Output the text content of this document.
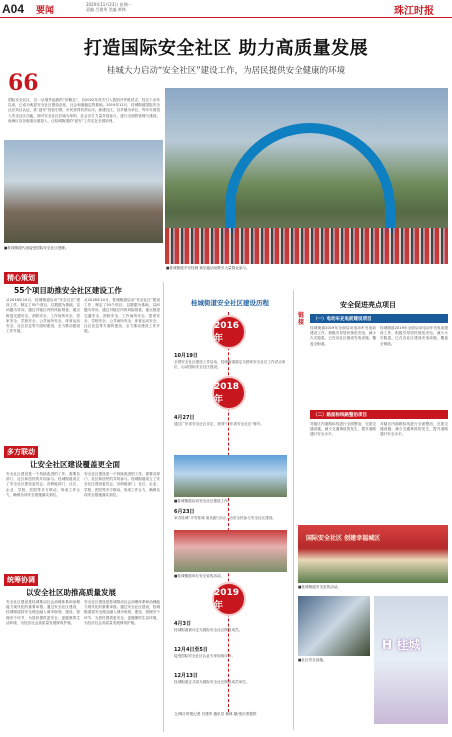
A04 要闻
2020年11月23日 星期一
责编 吕建华 美编 黄林	珠江时报
打造国际安全社区 助力高质量发展
桂城大力启动“安全社区”建设工作，为居民提供安全健康的环境
66
国际安全社区，这一从境外起源的“洋概念”，自2002年首次引入我国开并推试点，经过十余年以来，已成为明显安全社区建设杂化，社会和谐稳定的基础。2019年12月，桂城街道国际安全社区项目认证，其“创安”经验引领，市民获得有效认可。新建社区，以乡镇为单位，每年年度投入安全社区功能，面对安全社区区域为单的，社会各方力量共同参与，进行全面的管理与建设。南海区各各街道全面投入，让桂城街道的“创安”工作走在全国前列。
■桂城街道平安桂城 欢乐跑活动吸引大量群众参与。
■桂城街道代表接受国际安全社区授牌。
精心策划
55个项目助推安全社区建设工作
从2018年10月，桂城街道启动“安全社区”建设工作，制定了55个项目，以数据为基础，以问题为导向，通过对辖区内的风险排查，重点推进交通安全、消防安全、工作场所安全、居家安全、学校安全、公共场所安全、体育运动安全、社区应急等方面的建设，全力推动建设工作开展。
从2018年10月，桂城街道启动“安全社区”建设工作，制定了55个项目，以数据为基础，以问题为导向，通过对辖区内的风险排查，重点推进交通安全、消防安全、工作场所安全、居家安全、学校安全、公共场所安全、体育运动安全、社区应急等方面的建设，全力推动建设工作开展。
多方联动
让安全社区建设覆盖更全面
安全社区建设是一个持续改进的工作，需要各部门、社区和居民的共同参与。桂城街道成立了安全社区建设委员会，各职能部门、社区、企业、学校、医院等多方联动，形成工作合力，确保各项安全措施落实到位。
安全社区建设是一个持续改进的工作，需要各部门、社区和居民的共同参与。桂城街道成立了安全社区建设委员会，各职能部门、社区、企业、学校、医院等多方联动，形成工作合力，确保各项安全措施落实到位。
统筹协调
以安全社区助推高质量发展
安全社区建设是桂城推动社会治理体系和治理能力现代化的重要举措。通过安全社区建设，桂城街道将安全理念融入城市规划、建设、管理各个环节，为居民提供更安全、更健康的生活环境，为经济社会高质量发展保驾护航。
安全社区建设是桂城推动社会治理体系和治理能力现代化的重要举措。通过安全社区建设，桂城街道将安全理念融入城市规划、建设、管理各个环节，为居民提供更安全、更健康的生活环境，为经济社会高质量发展保驾护航。
桂城街道安全社区建设历程
2016年
10月19日
全国安全社区建设工作启动，桂城街道被定为国家安全社区工作试点单位，启动国际安全社区建设。
2018年
4月27日
通过广东省安全社区评定，获得“广东省安全社区”称号。
■桂城街道启动安全社区建设工作。
6月23日
举办桂城“平安桂城 欢乐跑”活动，动员全民参与安全社区建设。
■桂城街道举办安全宣传活动。
2019年
4月3日
桂城街道被评定为国际安全社区网络成员。
12月4日至5日
接受国际安全社区认证专家现场评审。
12月13日
桂城街道正式成为国际安全社区网络成员单位。
文/珠江时报记者 吕建华 通讯员 黄林 图/受访者提供
链接
安全促进亮点项目
（一）电动车充电前建设项目
桂城街道2019年全面启动电动车充电前建设工作，积极引导居民规范充电，减少火灾隐患。已在各社区建成充电设施，覆盖全街道。
桂城街道2019年全面启动电动车充电前建设工作，积极引导居民规范充电，减少火灾隐患。已在各社区建成充电设施，覆盖全街道。
（二）路面标线路整治项目
对辖区内道路标线进行全面整治，完善交通设施，减少交通事故的发生，提升道路通行安全水平。
对辖区内道路标线进行全面整治，完善交通设施，减少交通事故的发生，提升道路通行安全水平。
国际安全社区 创建幸福城区
■桂城街道安全宣传活动。
■社区安全设施。
H 桂城
